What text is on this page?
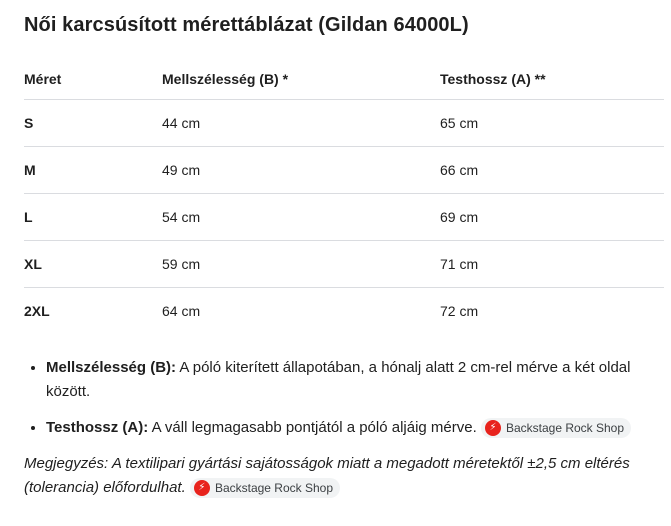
Női karcsúsított mérettáblázat (Gildan 64000L)
Méret	Mellszélesség (B) *	Testhossz (A) **
S	44 cm	65 cm
M	49 cm	66 cm
L	54 cm	69 cm
XL	59 cm	71 cm
2XL	64 cm	72 cm
• Mellszélesség (B): A póló kiterített állapotában, a hónalj alatt 2 cm-rel mérve a két oldal között.
• Testhossz (A): A váll legmagasabb pontjától a póló aljáig mérve.	⚡ Backstage Rock Shop

Megjegyzés: A textilipari gyártási sajátosságok miatt a megadott méretektől ±2,5 cm eltérés (tolerancia) előfordulhat.	⚡ Backstage Rock Shop
